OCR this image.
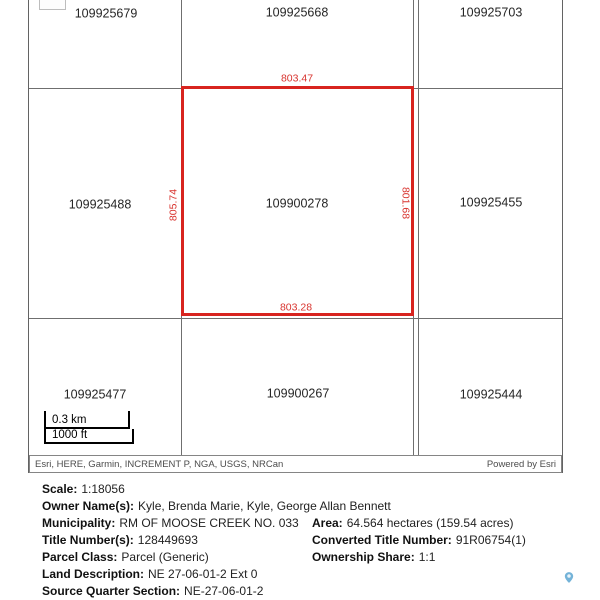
109925679	109925668	109925703
109925488	109900278	109925455
109925477	109900267	109925444
803.47
803.28
805.74	801.68
0.3 km
1000 ft
Esri, HERE, Garmin, INCREMENT P, NGA, USGS, NRCan	Powered by Esri
Scale: 1:18056
Owner Name(s): Kyle, Brenda Marie, Kyle, George Allan Bennett
Municipality: RM OF MOOSE CREEK NO. 033	Area: 64.564 hectares (159.54 acres)
Title Number(s): 128449693	Converted Title Number: 91R06754(1)
Parcel Class: Parcel (Generic)	Ownership Share: 1:1
Land Description: NE 27-06-01-2 Ext 0
Source Quarter Section: NE-27-06-01-2
